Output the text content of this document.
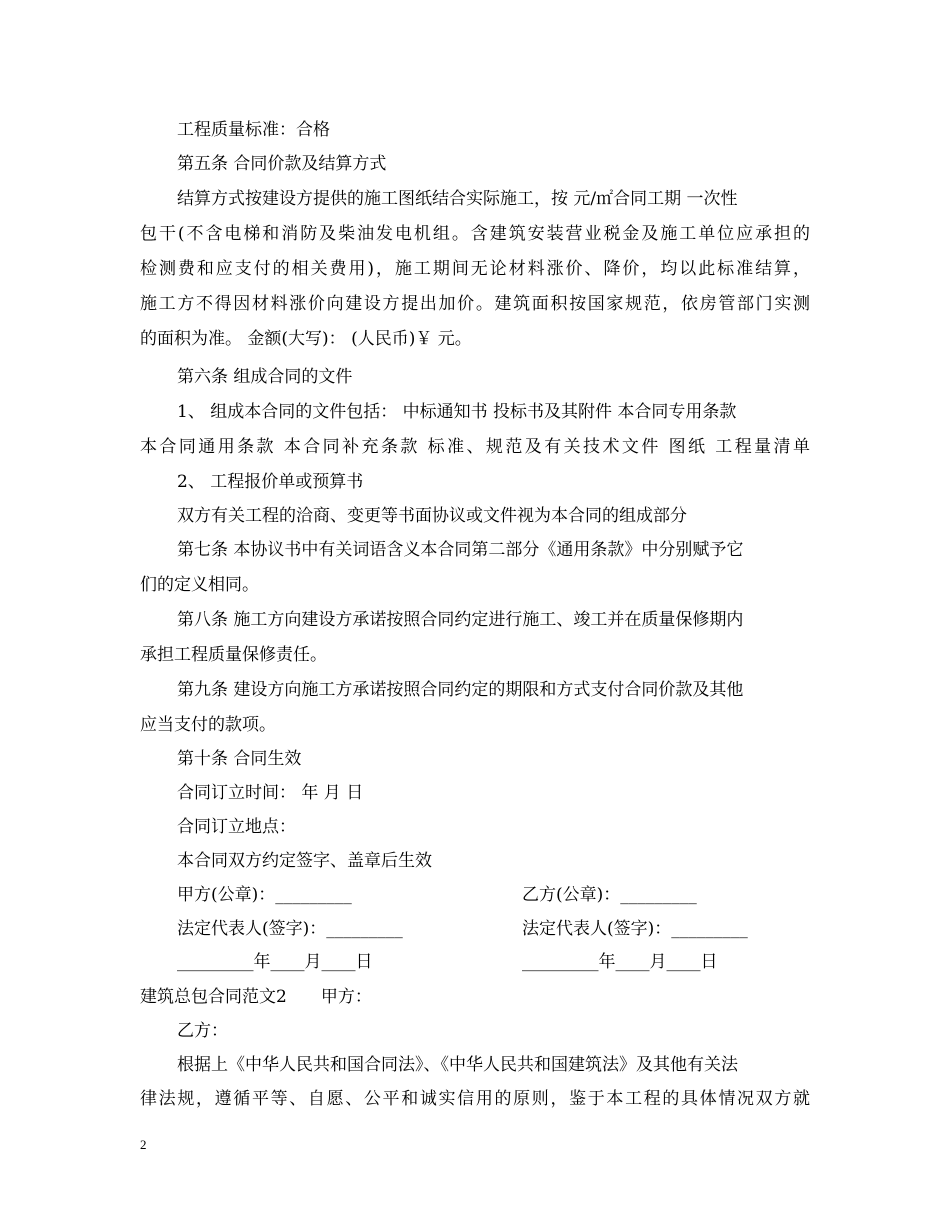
工程质量标准：合格
第五条 合同价款及结算方式
结算方式按建设方提供的施工图纸结合实际施工，按 元/㎡合同工期 一次性
包干(不含电梯和消防及柴油发电机组。含建筑安装营业税金及施工单位应承担的
检测费和应支付的相关费用)，施工期间无论材料涨价、降价，均以此标准结算，
施工方不得因材料涨价向建设方提出加价。建筑面积按国家规范，依房管部门实测
的面积为准。 金额(大写)： (人民币)￥ 元。
第六条 组成合同的文件
1、 组成本合同的文件包括： 中标通知书 投标书及其附件 本合同专用条款
本合同通用条款 本合同补充条款 标准、规范及有关技术文件 图纸 工程量清单
2、 工程报价单或预算书
双方有关工程的洽商、变更等书面协议或文件视为本合同的组成部分
第七条 本协议书中有关词语含义本合同第二部分《通用条款》中分别赋予它
们的定义相同。
第八条 施工方向建设方承诺按照合同约定进行施工、竣工并在质量保修期内
承担工程质量保修责任。
第九条 建设方向施工方承诺按照合同约定的期限和方式支付合同价款及其他
应当支付的款项。
第十条 合同生效
合同订立时间： 年 月 日
合同订立地点：
本合同双方约定签字、盖章后生效
甲方(公章)：_________	乙方(公章)：_________
法定代表人(签字)：_________	法定代表人(签字)：_________
_________年____月____日	_________年____月____日
建筑总包合同范文2　　甲方：
乙方：
根据上《中华人民共和国合同法》、《中华人民共和国建筑法》及其他有关法
律法规，遵循平等、自愿、公平和诚实信用的原则，鉴于本工程的具体情况双方就
2
